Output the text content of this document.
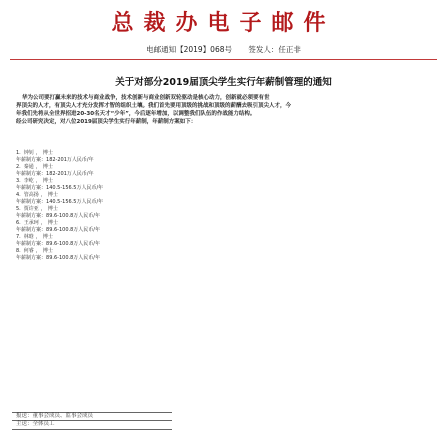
总裁办电子邮件
电邮通知【2019】068号 签发人：任正非
关于对部分2019届顶尖学生实行年薪制管理的通知
华为公司要打赢未来的技术与商业战争，技术创新与商业创新双轮驱动是核心动力，创新就必须要有世
界顶尖的人才，有顶尖人才充分发挥才智的组织土壤。我们首先要用顶级的挑战和顶级的薪酬去吸引顶尖人才，今
年我们先将从全世界招进20-30名天才“少年”，今后逐年增加，以调整我们队伍的作战能力结构。
经公司研究决定，对八位2019届顶尖学生实行年薪制，年薪制方案如下：
1. 钟钊 ， 博士
年薪制方案：182-201万人民币/年
2. 秦通 ， 博士
年薪制方案：182-201万人民币/年
3. 李屹 ， 博士
年薪制方案：140.5-156.5万人民币/年
4. 管高扬 ， 博士
年薪制方案：140.5-156.5万人民币/年
5. 贾许亚 ， 博士
年薪制方案：89.6-100.8万人民币/年
6. 王承珂 ， 博士
年薪制方案：89.6-100.8万人民币/年
7. 林晗 ， 博士
年薪制方案：89.6-100.8万人民币/年
8. 何睿 ， 博士
年薪制方案：89.6-100.8万人民币/年
报送：董事会成员、监事会成员
主送：全体员工
